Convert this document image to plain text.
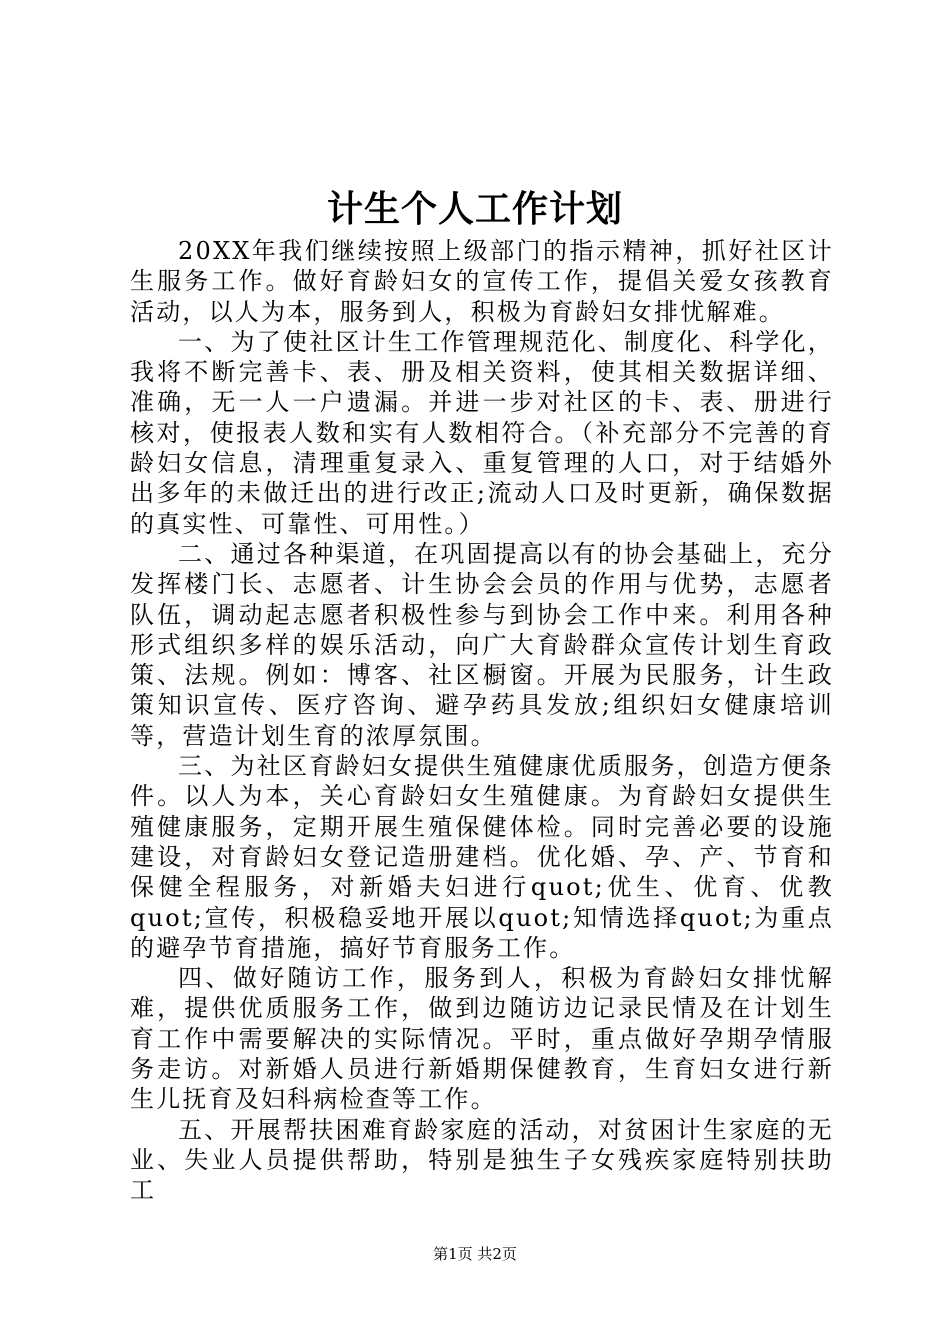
计生个人工作计划

20XX年我们继续按照上级部门的指示精神，抓好社区计生服务工作。做好育龄妇女的宣传工作，提倡关爱女孩教育活动，以人为本，服务到人，积极为育龄妇女排忧解难。

一、为了使社区计生工作管理规范化、制度化、科学化，我将不断完善卡、表、册及相关资料，使其相关数据详细、准确，无一人一户遗漏。并进一步对社区的卡、表、册进行核对，使报表人数和实有人数相符合。（补充部分不完善的育龄妇女信息，清理重复录入、重复管理的人口，对于结婚外出多年的未做迁出的进行改正;流动人口及时更新，确保数据的真实性、可靠性、可用性。）

二、通过各种渠道，在巩固提高以有的协会基础上，充分发挥楼门长、志愿者、计生协会会员的作用与优势，志愿者队伍，调动起志愿者积极性参与到协会工作中来。利用各种形式组织多样的娱乐活动，向广大育龄群众宣传计划生育政策、法规。例如：博客、社区橱窗。开展为民服务，计生政策知识宣传、医疗咨询、避孕药具发放;组织妇女健康培训等，营造计划生育的浓厚氛围。

三、为社区育龄妇女提供生殖健康优质服务，创造方便条件。以人为本，关心育龄妇女生殖健康。为育龄妇女提供生殖健康服务，定期开展生殖保健体检。同时完善必要的设施建设，对育龄妇女登记造册建档。优化婚、孕、产、节育和保健全程服务，对新婚夫妇进行quot;优生、优育、优教quot;宣传，积极稳妥地开展以quot;知情选择quot;为重点的避孕节育措施，搞好节育服务工作。

四、做好随访工作，服务到人，积极为育龄妇女排忧解难，提供优质服务工作，做到边随访边记录民情及在计划生育工作中需要解决的实际情况。平时，重点做好孕期孕情服务走访。对新婚人员进行新婚期保健教育，生育妇女进行新生儿抚育及妇科病检查等工作。

五、开展帮扶困难育龄家庭的活动，对贫困计生家庭的无业、失业人员提供帮助，特别是独生子女残疾家庭特别扶助工

第1页 共2页
